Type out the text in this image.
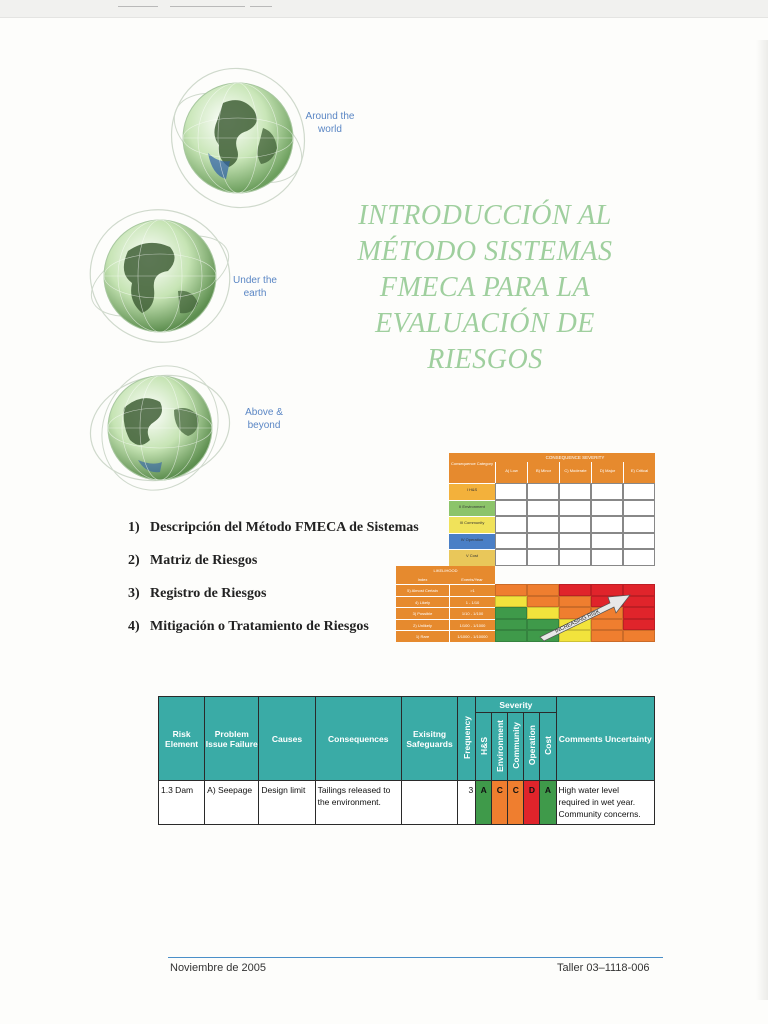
Around the
world
Under the
earth
Above &
beyond
INTRODUCCIÓN AL
MÉTODO SISTEMAS
FMECA PARA LA
EVALUACIÓN DE
RIESGOS
1) Descripción del Método FMECA de Sistemas
2) Matriz de Riesgos
3) Registro de Riesgos
4) Mitigación o Tratamiento de Riesgos
CONSEQUENCE SEVERITY
Consequence Category
A) Low	B) Minor	C) Moderate	D) Major	E) Critical
I H&S
II Environment
III Community
IV Operation
V Cost
LIKELIHOOD
Index	Events/Year
5) Almost Certain	>1
4) Likely	1 - 1/10
3) Possible	1/10 - 1/100
2) Unlikely	1/100 - 1/1000
1) Rare	1/1000 - 1/10000
INCREASING RISK
Risk Element	Problem Issue Failure	Causes	Consequences	Exisitng Safeguards	Frequency	Severity					Comments Uncertainty
						H&S	Environment	Community	Operation	Cost	
1.3 Dam	A) Seepage	Design limit	Tailings released to the environment.		3	A	C	C	D	A	High water level required in wet year. Community concerns.
Noviembre de 2005	Taller 03–1118-006
